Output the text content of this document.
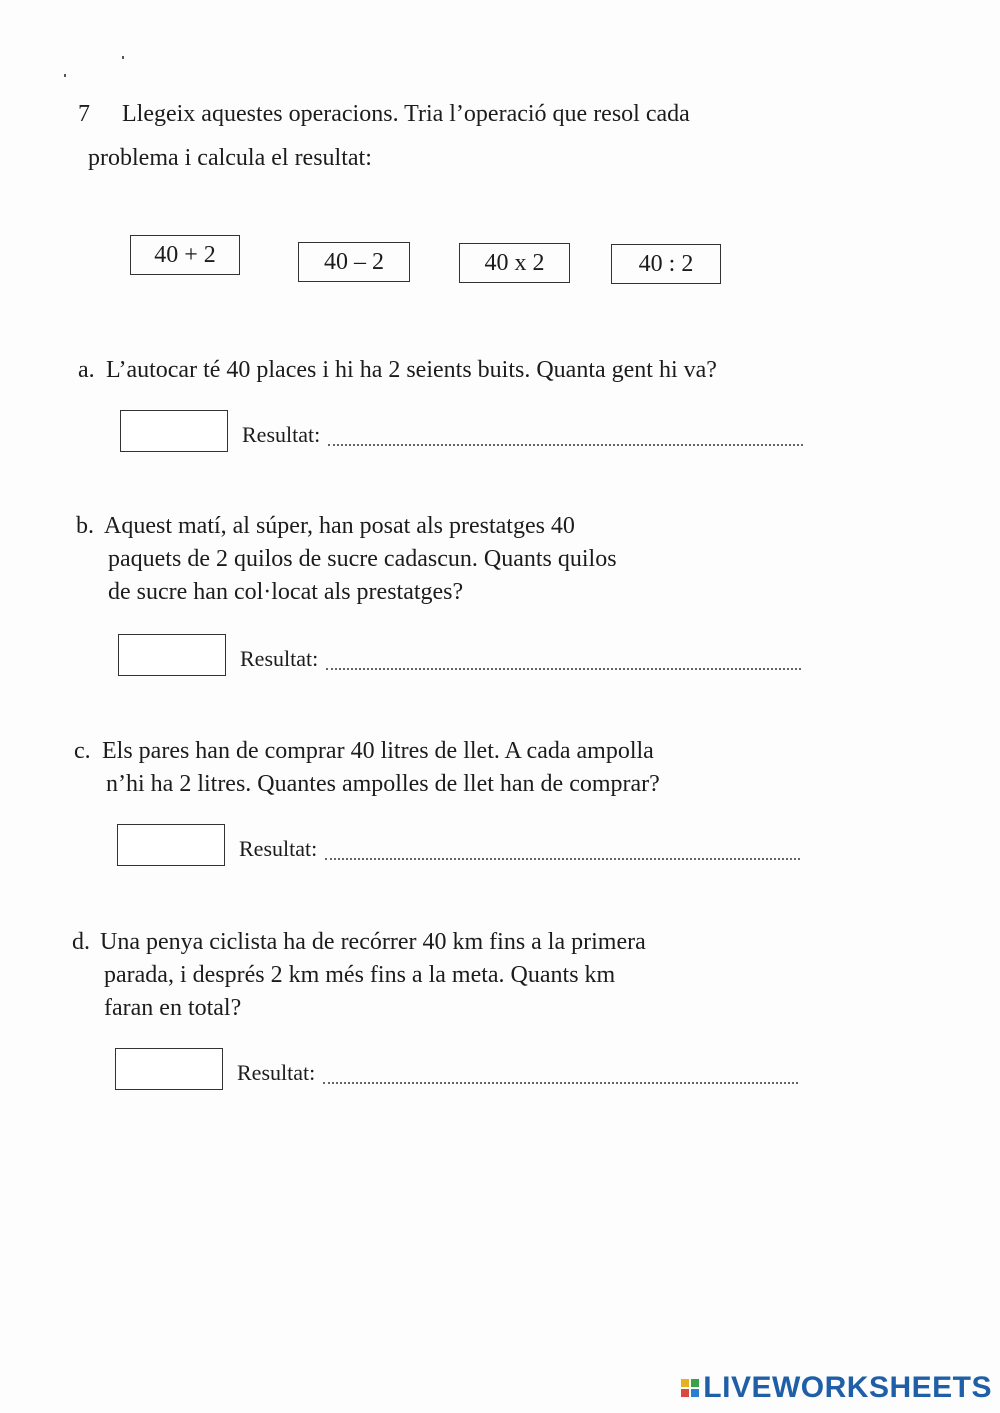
7 Llegeix aquestes operacions. Tria l’operació que resol cada
problema i calcula el resultat:
40 + 2	40 – 2	40 x 2	40 : 2
a. L’autocar té 40 places i hi ha 2 seients buits. Quanta gent hi va?
Resultat:
b. Aquest matí, al súper, han posat als prestatges 40
paquets de 2 quilos de sucre cadascun. Quants quilos
de sucre han col·locat als prestatges?
Resultat:
c. Els pares han de comprar 40 litres de llet. A cada ampolla
n’hi ha 2 litres. Quantes ampolles de llet han de comprar?
Resultat:
d. Una penya ciclista ha de recórrer 40 km fins a la primera
parada, i després 2 km més fins a la meta. Quants km
faran en total?
Resultat:
LIVEWORKSHEETS
